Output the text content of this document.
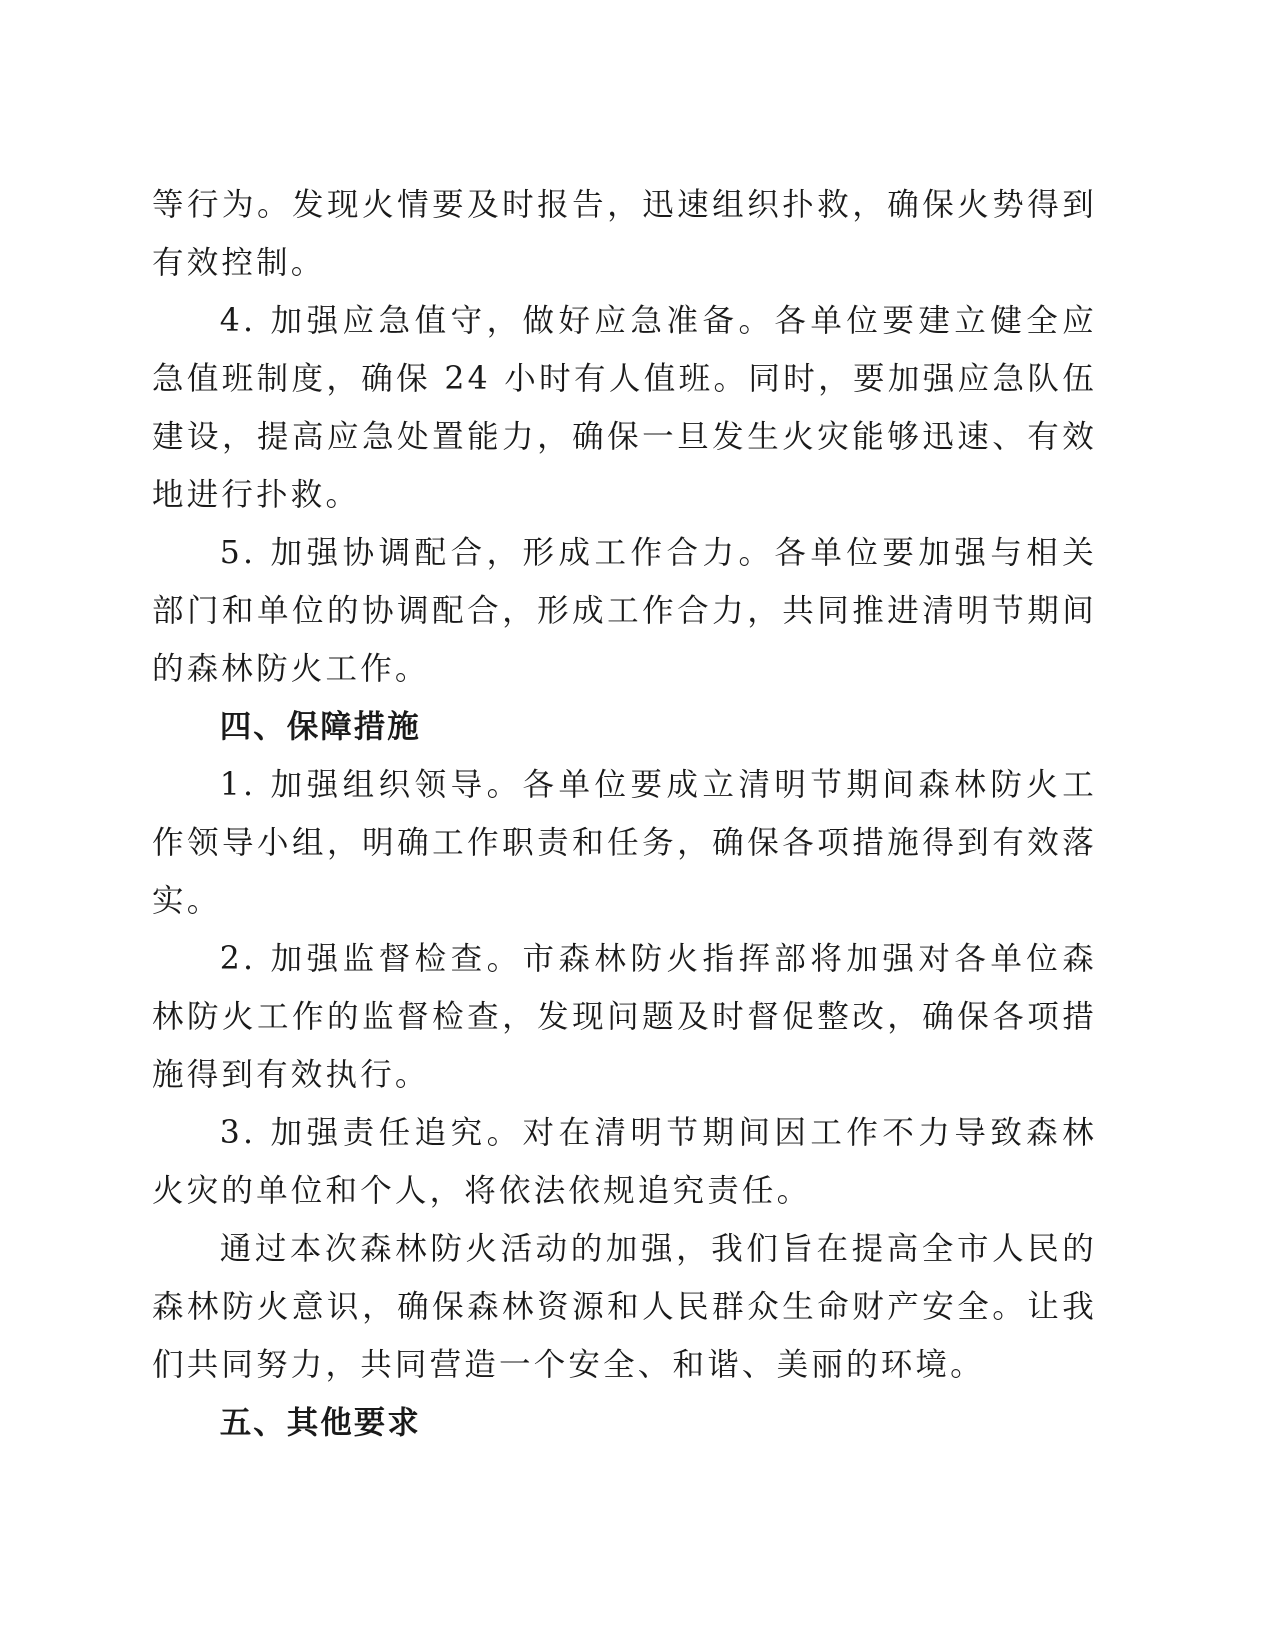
等行为。发现火情要及时报告，迅速组织扑救，确保火势得到有效控制。

4. 加强应急值守，做好应急准备。各单位要建立健全应急值班制度，确保 24 小时有人值班。同时，要加强应急队伍建设，提高应急处置能力，确保一旦发生火灾能够迅速、有效地进行扑救。

5. 加强协调配合，形成工作合力。各单位要加强与相关部门和单位的协调配合，形成工作合力，共同推进清明节期间的森林防火工作。

四、保障措施

1. 加强组织领导。各单位要成立清明节期间森林防火工作领导小组，明确工作职责和任务，确保各项措施得到有效落实。

2. 加强监督检查。市森林防火指挥部将加强对各单位森林防火工作的监督检查，发现问题及时督促整改，确保各项措施得到有效执行。

3. 加强责任追究。对在清明节期间因工作不力导致森林火灾的单位和个人，将依法依规追究责任。

通过本次森林防火活动的加强，我们旨在提高全市人民的森林防火意识，确保森林资源和人民群众生命财产安全。让我们共同努力，共同营造一个安全、和谐、美丽的环境。

五、其他要求
